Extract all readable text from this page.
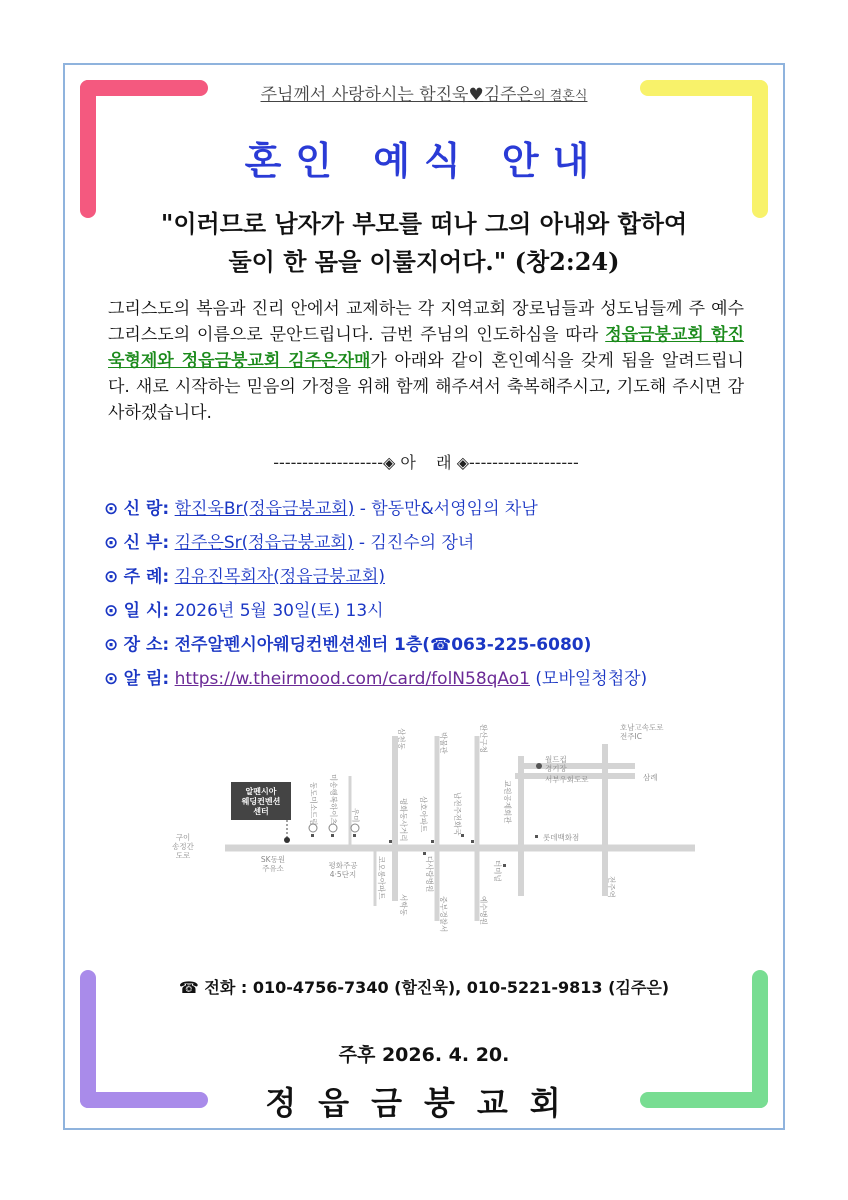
주님께서 사랑하시는 함진욱♥김주은의 결혼식
혼인 예식 안내
"이러므로 남자가 부모를 떠나 그의 아내와 합하여
둘이 한 몸을 이룰지어다." (창2:24)
그리스도의 복음과 진리 안에서 교제하는 각 지역교회 장로님들과 성도님들께 주 예수 그리스도의 이름으로 문안드립니다. 금번 주님의 인도하심을 따라 정읍금붕교회 함진욱형제와 정읍금붕교회 김주은자매가 아래와 같이 혼인예식을 갖게 됨을 알려드립니다. 새로 시작하는 믿음의 가정을 위해 함께 해주셔서 축복해주시고, 기도해 주시면 감사하겠습니다.
-------------------◈ 아    래 ◈-------------------
⊙ 신 랑: 함진욱Br(정읍금붕교회) - 함동만&서영임의 차남
⊙ 신 부: 김주은Sr(정읍금붕교회) - 김진수의 장녀
⊙ 주 례: 김유진목회자(정읍금붕교회)
⊙ 일 시: 2026년 5월 30일(토) 13시
⊙ 장 소: 전주알펜시아웨딩컨벤션센터 1층(☎063-225-6080)
⊙ 알 림: https://w.theirmood.com/card/folN58qAo1 (모바일청첩장)
알펜시아
웨딩컨벤션
센터
구이
송정간
도로	SK동원
주유소	평화주공
4·5단지
월드컵
경기장
호남고속도로
전주IC
서부우회도로	삼례
롯데백화점
동도미소드림 미송행복하이츠 우미
삼천동	박물관	완산구청
코오롱아파트
평화동사거리 삼호아파트	남전주전화국	교원공제회관
다사랑병원	터미널
서학동	중부경찰서	예수병원
전주역
☎ 전화 : 010-4756-7340 (함진욱), 010-5221-9813 (김주은)
주후 2026. 4. 20.
정읍금붕교회
